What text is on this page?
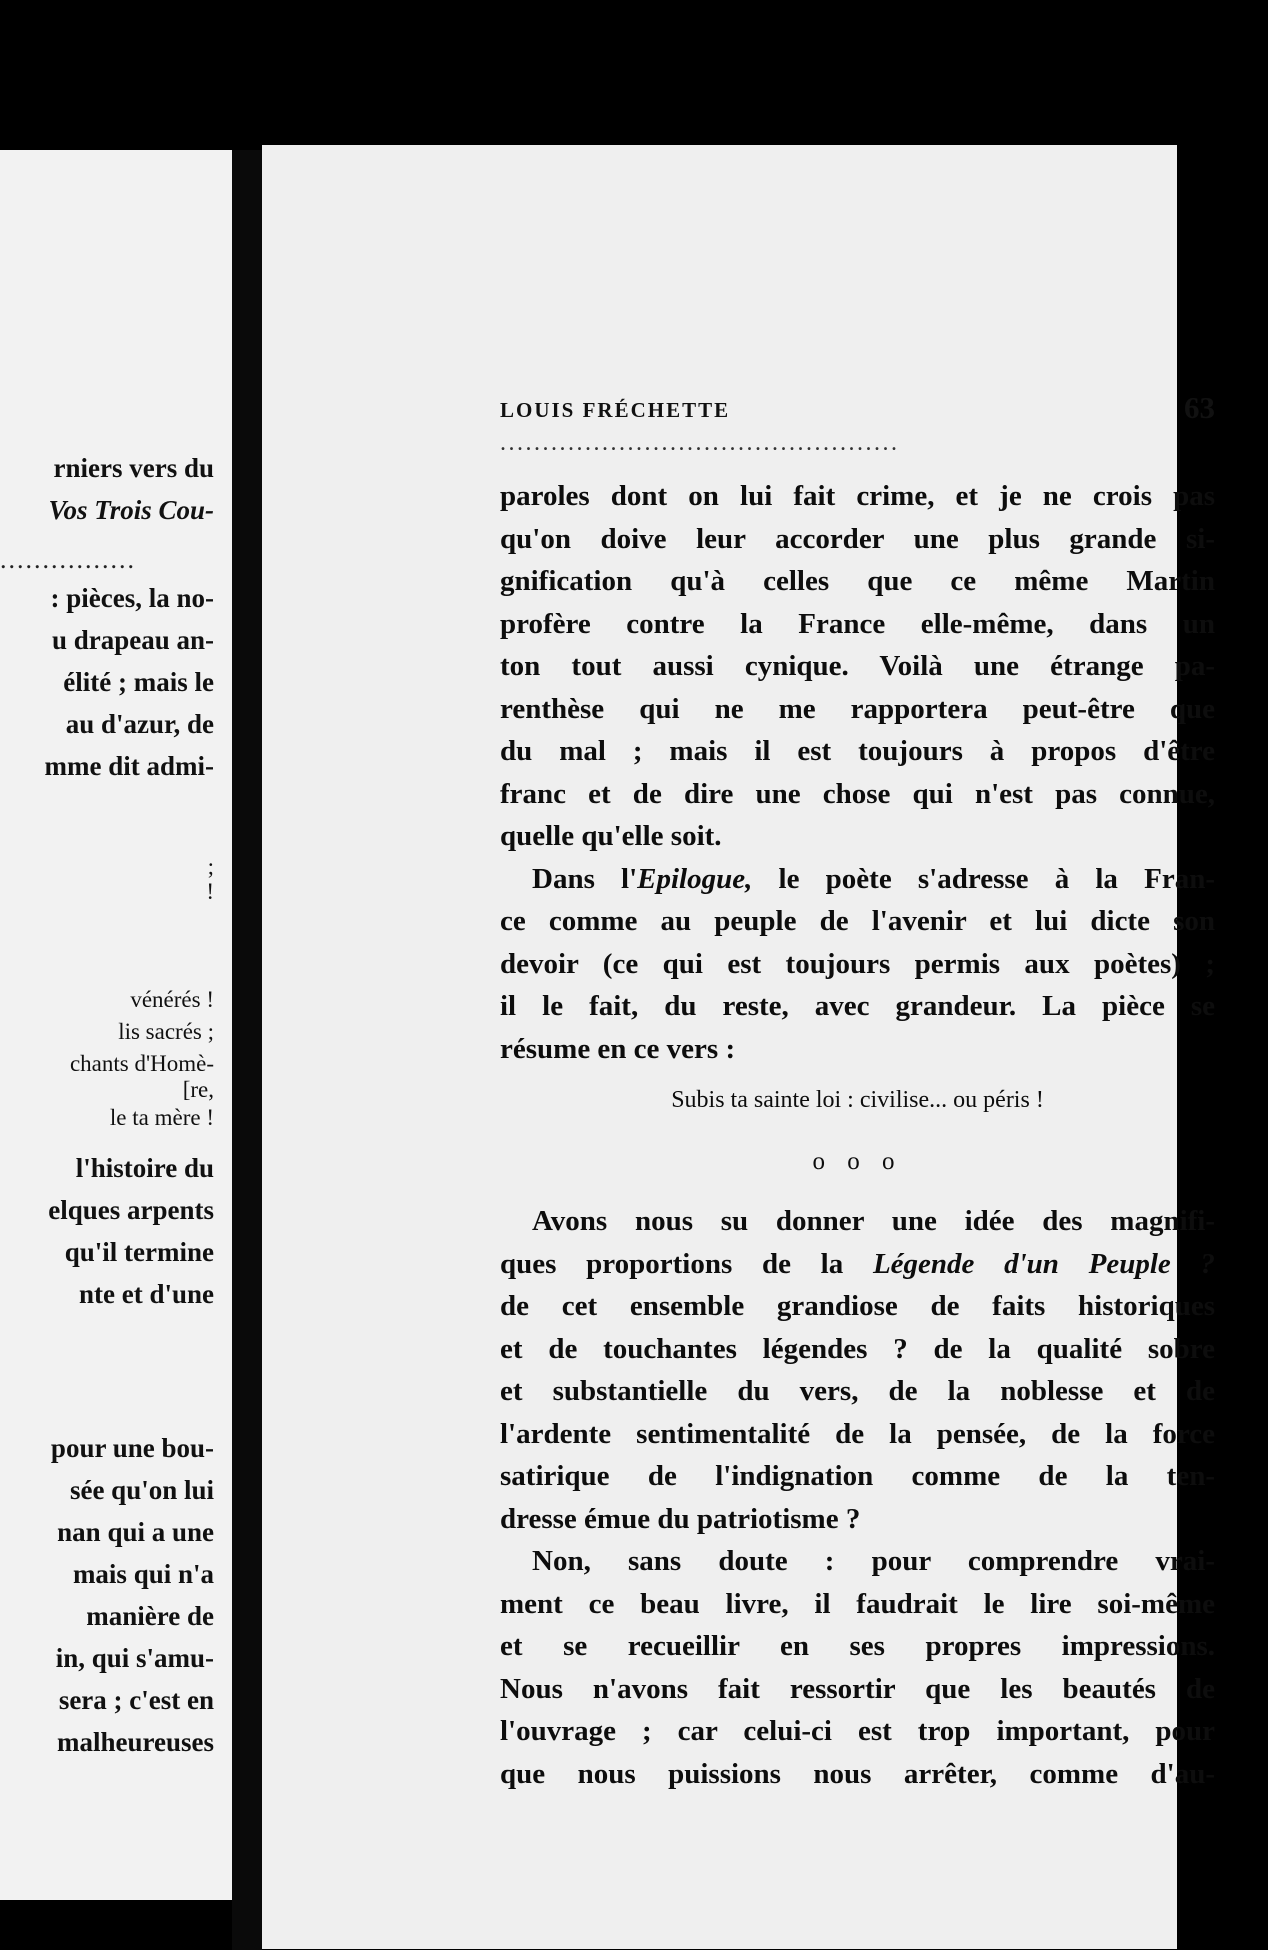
................
rniers vers du
Vos Trois Cou-
: pièces, la no-
u drapeau an-
élité ; mais le
au d'azur, de
mme dit admi-
;
!
vénérés !
lis sacrés ;
chants d'Homè-
[re,
le ta mère !
l'histoire du
elques arpents
qu'il termine
nte et d'une
pour une bou-
sée qu'on lui
nan qui a une
mais qui n'a
manière de
in, qui s'amu-
sera ; c'est en
malheureuses
LOUIS FRÉCHETTE	63
...............................................
paroles dont on lui fait crime, et je ne crois pas
qu'on doive leur accorder une plus grande si-
gnification qu'à celles que ce même Martin
profère contre la France elle-même, dans un
ton tout aussi cynique. Voilà une étrange pa-
renthèse qui ne me rapportera peut-être que
du mal ; mais il est toujours à propos d'être
franc et de dire une chose qui n'est pas connue,
quelle qu'elle soit.
Dans l'Epilogue, le poète s'adresse à la Fran-
ce comme au peuple de l'avenir et lui dicte son
devoir (ce qui est toujours permis aux poètes) ;
il le fait, du reste, avec grandeur. La pièce se
résume en ce vers :
Subis ta sainte loi : civilise... ou péris !
o o o
Avons nous su donner une idée des magnifi-
ques proportions de la Légende d'un Peuple ?
de cet ensemble grandiose de faits historiques
et de touchantes légendes ? de la qualité sobre
et substantielle du vers, de la noblesse et de
l'ardente sentimentalité de la pensée, de la force
satirique de l'indignation comme de la ten-
dresse émue du patriotisme ?
Non, sans doute : pour comprendre vrai-
ment ce beau livre, il faudrait le lire soi-même
et se recueillir en ses propres impressions.
Nous n'avons fait ressortir que les beautés de
l'ouvrage ; car celui-ci est trop important, pour
que nous puissions nous arrêter, comme d'au-
